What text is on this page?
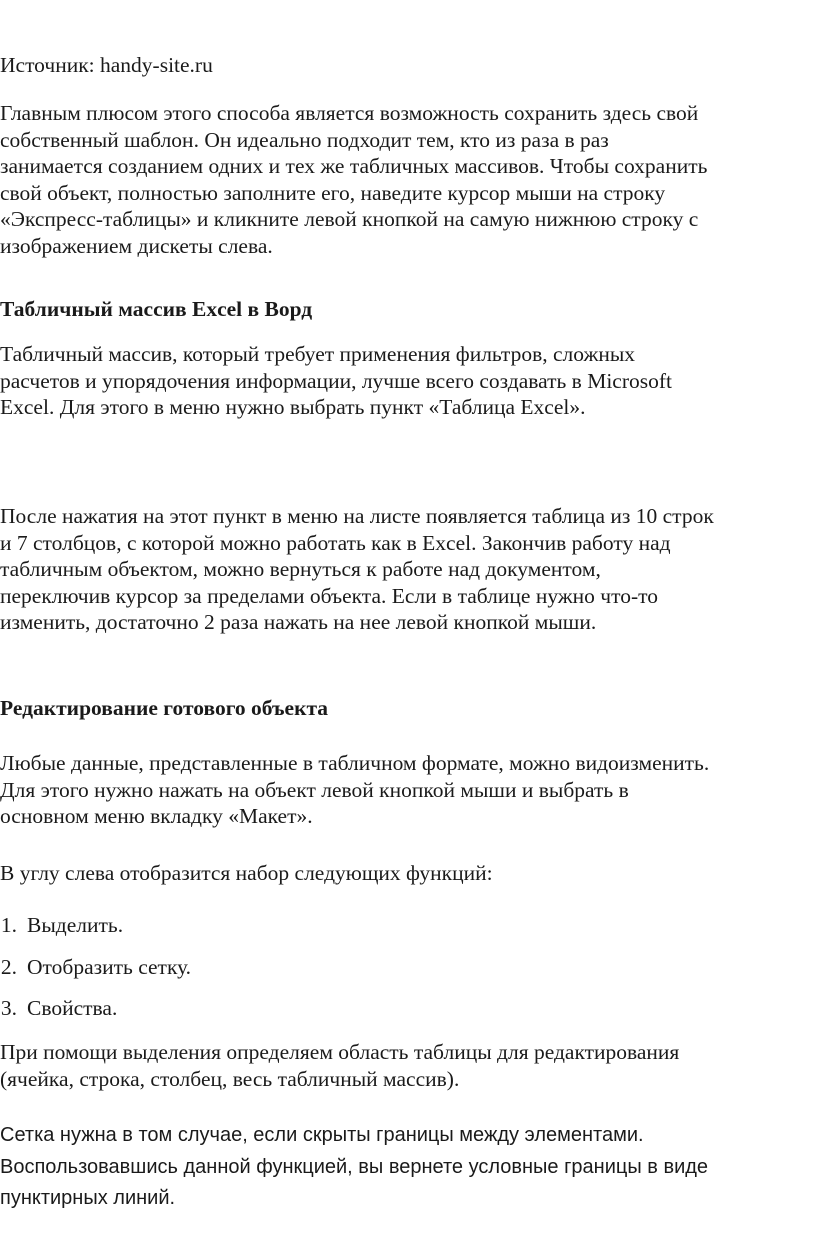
Источник: handy-site.ru

Главным плюсом этого способа является возможность сохранить здесь свой
собственный шаблон. Он идеально подходит тем, кто из раза в раз
занимается созданием одних и тех же табличных массивов. Чтобы сохранить
свой объект, полностью заполните его, наведите курсор мыши на строку
«Экспресс-таблицы» и кликните левой кнопкой на самую нижнюю строку с
изображением дискеты слева.

Табличный массив Excel в Ворд

Табличный массив, который требует применения фильтров, сложных
расчетов и упорядочения информации, лучше всего создавать в Microsoft
Excel. Для этого в меню нужно выбрать пункт «Таблица Excel».
После нажатия на этот пункт в меню на листе появляется таблица из 10 строк
и 7 столбцов, с которой можно работать как в Excel. Закончив работу над
табличным объектом, можно вернуться к работе над документом,
переключив курсор за пределами объекта. Если в таблице нужно что-то
изменить, достаточно 2 раза нажать на нее левой кнопкой мыши.

Редактирование готового объекта

Любые данные, представленные в табличном формате, можно видоизменить.
Для этого нужно нажать на объект левой кнопкой мыши и выбрать в
основном меню вкладку «Макет».

В углу слева отобразится набор следующих функций:

1. Выделить.
2. Отобразить сетку.
3. Свойства.
При помощи выделения определяем область таблицы для редактирования
(ячейка, строка, столбец, весь табличный массив).
Сетка нужна в том случае, если скрыты границы между элементами.
Воспользовавшись данной функцией, вы вернете условные границы в виде
пунктирных линий.
